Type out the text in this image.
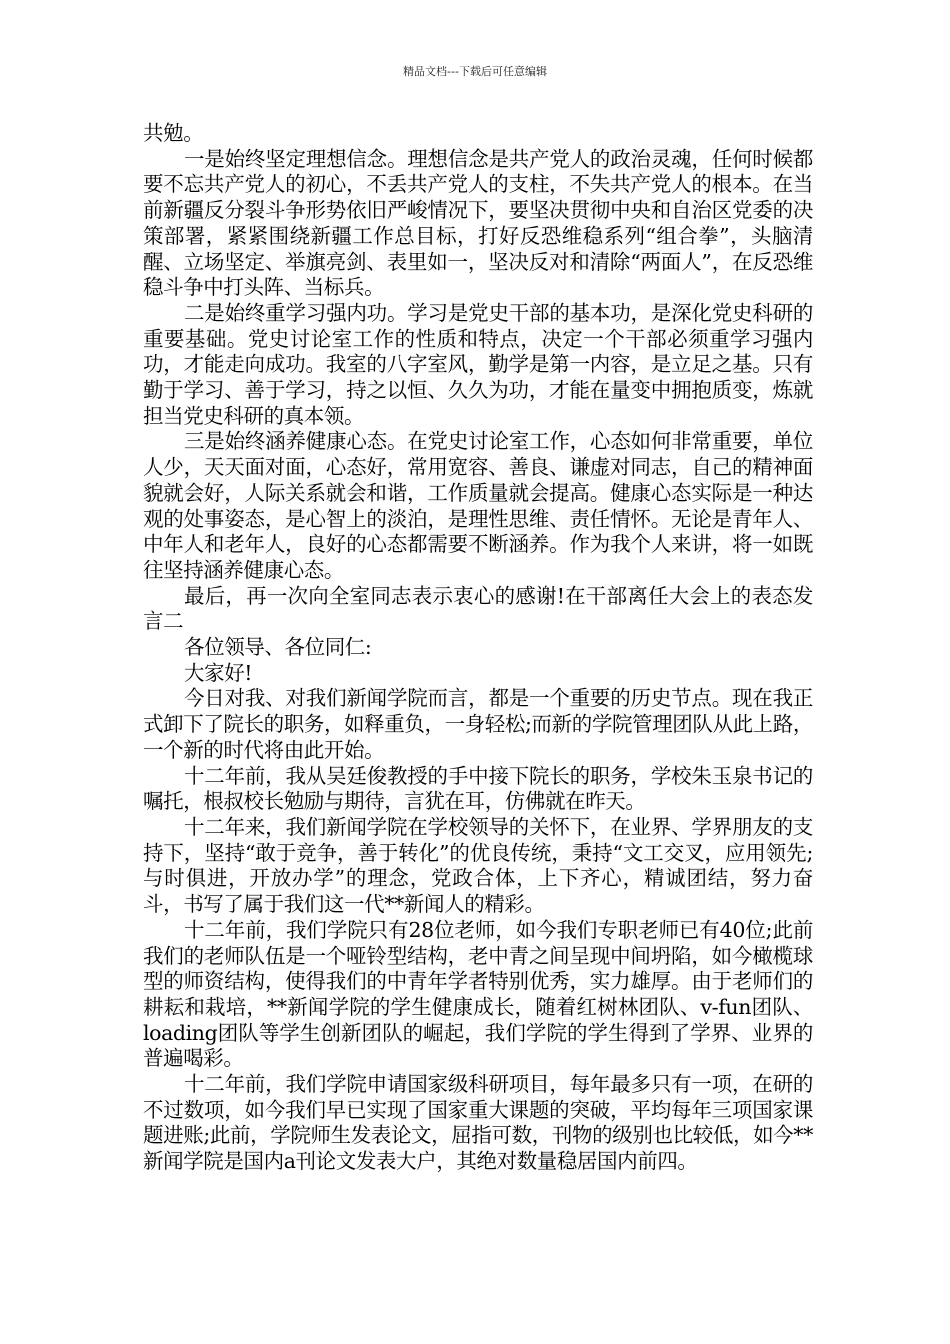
精品文档---下载后可任意编辑

共勉。

一是始终坚定理想信念。理想信念是共产党人的政治灵魂，任何时候都要不忘共产党人的初心，不丢共产党人的支柱，不失共产党人的根本。在当前新疆反分裂斗争形势依旧严峻情况下，要坚决贯彻中央和自治区党委的决策部署，紧紧围绕新疆工作总目标，打好反恐维稳系列“组合拳”，头脑清醒、立场坚定、举旗亮剑、表里如一，坚决反对和清除“两面人”，在反恐维稳斗争中打头阵、当标兵。

二是始终重学习强内功。学习是党史干部的基本功，是深化党史科研的重要基础。党史讨论室工作的性质和特点，决定一个干部必须重学习强内功，才能走向成功。我室的八字室风，勤学是第一内容，是立足之基。只有勤于学习、善于学习，持之以恒、久久为功，才能在量变中拥抱质变，炼就担当党史科研的真本领。

三是始终涵养健康心态。在党史讨论室工作，心态如何非常重要，单位人少，天天面对面，心态好，常用宽容、善良、谦虚对同志，自己的精神面貌就会好，人际关系就会和谐，工作质量就会提高。健康心态实际是一种达观的处事姿态，是心智上的淡泊，是理性思维、责任情怀。无论是青年人、中年人和老年人，良好的心态都需要不断涵养。作为我个人来讲，将一如既往坚持涵养健康心态。

最后，再一次向全室同志表示衷心的感谢!在干部离任大会上的表态发言二

各位领导、各位同仁:

大家好!

今日对我、对我们新闻学院而言，都是一个重要的历史节点。现在我正式卸下了院长的职务，如释重负，一身轻松;而新的学院管理团队从此上路，一个新的时代将由此开始。

十二年前，我从吴廷俊教授的手中接下院长的职务，学校朱玉泉书记的嘱托，根叔校长勉励与期待，言犹在耳，仿佛就在昨天。

十二年来，我们新闻学院在学校领导的关怀下，在业界、学界朋友的支持下，坚持“敢于竞争，善于转化”的优良传统，秉持“文工交叉，应用领先;与时俱进，开放办学”的理念，党政合体，上下齐心，精诚团结，努力奋斗，书写了属于我们这一代**新闻人的精彩。

十二年前，我们学院只有28位老师，如今我们专职老师已有40位;此前我们的老师队伍是一个哑铃型结构，老中青之间呈现中间坍陷，如今橄榄球型的师资结构，使得我们的中青年学者特别优秀，实力雄厚。由于老师们的耕耘和栽培，**新闻学院的学生健康成长，随着红树林团队、v-fun团队、loading团队等学生创新团队的崛起，我们学院的学生得到了学界、业界的普遍喝彩。

十二年前，我们学院申请国家级科研项目，每年最多只有一项，在研的不过数项，如今我们早已实现了国家重大课题的突破，平均每年三项国家课题进账;此前，学院师生发表论文，屈指可数，刊物的级别也比较低，如今**新闻学院是国内a刊论文发表大户，其绝对数量稳居国内前四。
